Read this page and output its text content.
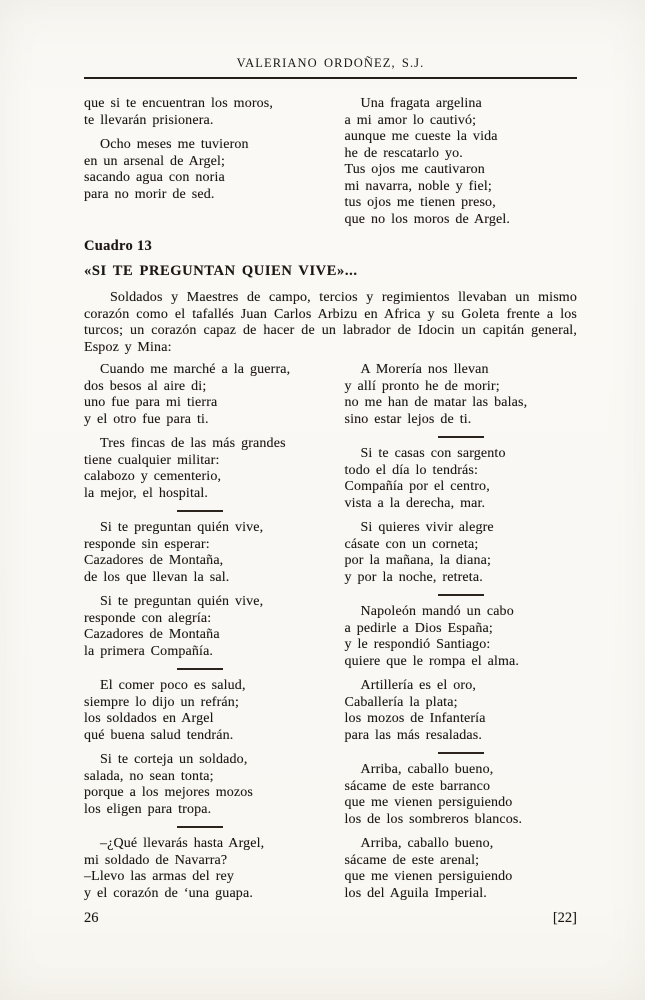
VALERIANO ORDOÑEZ, S.J.

que si te encuentran los moros,

te llevarán prisionera.

Ocho meses me tuvieron

en un arsenal de Argel;

sacando agua con noria

para no morir de sed.

Una fragata argelina

a mi amor lo cautivó;

aunque me cueste la vida

he de rescatarlo yo.

Tus ojos me cautivaron

mi navarra, noble y fiel;

tus ojos me tienen preso,

que no los moros de Argel.

Cuadro 13
«SI TE PREGUNTAN QUIEN VIVE»...

Soldados y Maestres de campo, tercios y regimientos llevaban un mismo corazón como el tafallés Juan Carlos Arbizu en Africa y su Goleta frente a los turcos; un corazón capaz de hacer de un labrador de Idocin un capitán general, Espoz y Mina:

Cuando me marché a la guerra,

dos besos al aire di;

uno fue para mi tierra

y el otro fue para ti.

Tres fincas de las más grandes

tiene cualquier militar:

calabozo y cementerio,

la mejor, el hospital.

Si te preguntan quién vive,

responde sin esperar:

Cazadores de Montaña,

de los que llevan la sal.

Si te preguntan quién vive,

responde con alegría:

Cazadores de Montaña

la primera Compañía.

El comer poco es salud,

siempre lo dijo un refrán;

los soldados en Argel

qué buena salud tendrán.

Si te corteja un soldado,

salada, no sean tonta;

porque a los mejores mozos

los eligen para tropa.

–¿Qué llevarás hasta Argel,

mi soldado de Navarra?

–Llevo las armas del rey

y el corazón de ‘una guapa.

A Morería nos llevan

y allí pronto he de morir;

no me han de matar las balas,

sino estar lejos de ti.

Si te casas con sargento

todo el día lo tendrás:

Compañía por el centro,

vista a la derecha, mar.

Si quieres vivir alegre

cásate con un corneta;

por la mañana, la diana;

y por la noche, retreta.

Napoleón mandó un cabo

a pedirle a Dios España;

y le respondió Santiago:

quiere que le rompa el alma.

Artillería es el oro,

Caballería la plata;

los mozos de Infantería

para las más resaladas.

Arriba, caballo bueno,

sácame de este barranco

que me vienen persiguiendo

los de los sombreros blancos.

Arriba, caballo bueno,

sácame de este arenal;

que me vienen persiguiendo

los del Aguila Imperial.

26	[22]
